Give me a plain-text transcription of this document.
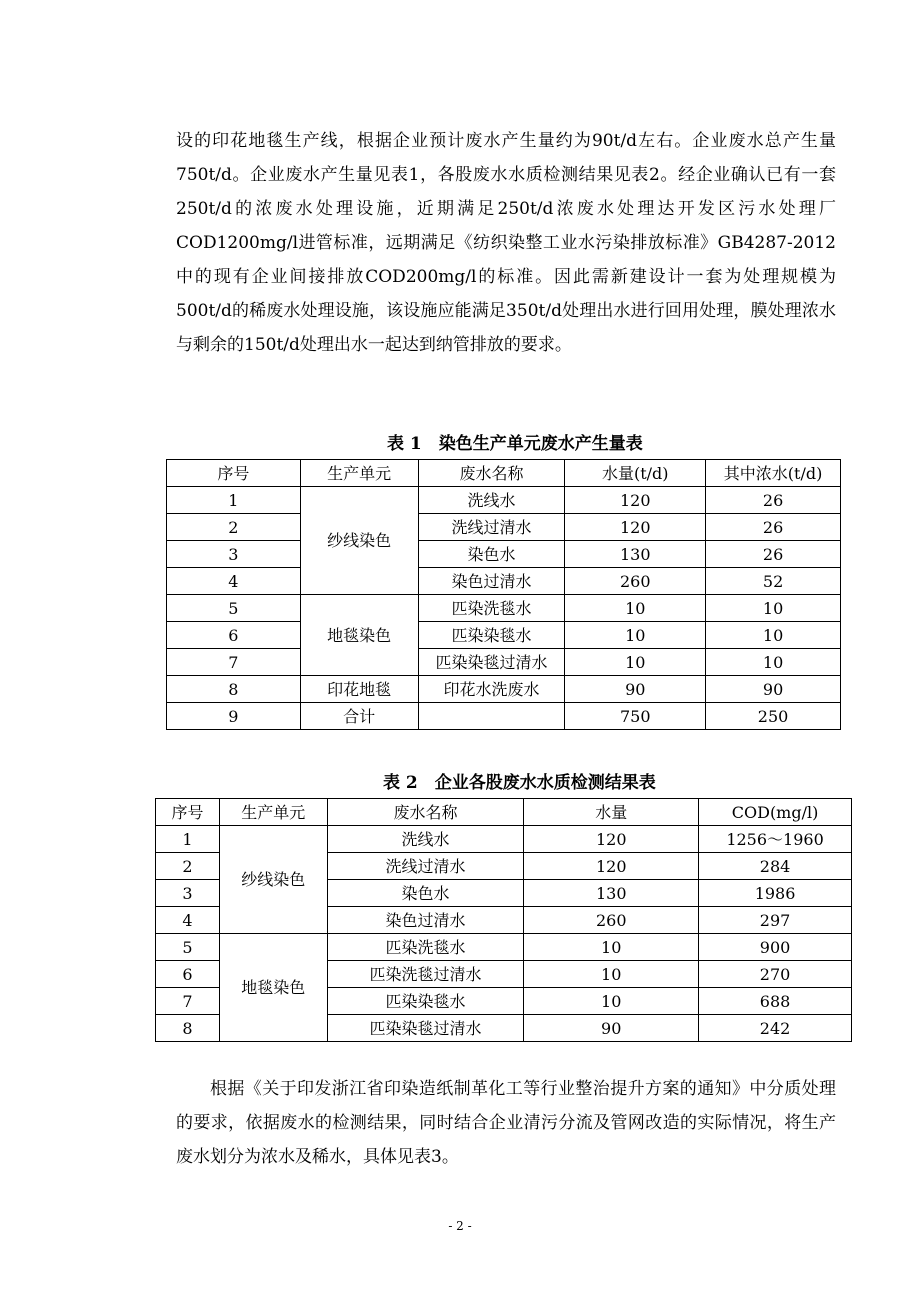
设的印花地毯生产线，根据企业预计废水产生量约为90t/d左右。企业废水总产生量750t/d。企业废水产生量见表1，各股废水水质检测结果见表2。经企业确认已有一套250t/d的浓废水处理设施，近期满足250t/d浓废水处理达开发区污水处理厂COD1200mg/l进管标准，远期满足《纺织染整工业水污染排放标准》GB4287-2012中的现有企业间接排放COD200mg/l的标准。因此需新建设计一套为处理规模为500t/d的稀废水处理设施，该设施应能满足350t/d处理出水进行回用处理，膜处理浓水与剩余的150t/d处理出水一起达到纳管排放的要求。

表 1　染色生产单元废水产生量表

序号	生产单元	废水名称	水量(t/d)	其中浓水(t/d)
1	纱线染色	洗线水	120	26
2		洗线过清水	120	26
3		染色水	130	26
4		染色过清水	260	52
5	地毯染色	匹染洗毯水	10	10
6		匹染染毯水	10	10
7		匹染染毯过清水	10	10
8	印花地毯	印花水洗废水	90	90
9	合计		750	250

表 2　企业各股废水水质检测结果表

序号	生产单元	废水名称	水量	COD(mg/l)
1	纱线染色	洗线水	120	1256～1960
2		洗线过清水	120	284
3		染色水	130	1986
4		染色过清水	260	297
5	地毯染色	匹染洗毯水	10	900
6		匹染洗毯过清水	10	270
7		匹染染毯水	10	688
8		匹染染毯过清水	90	242

根据《关于印发浙江省印染造纸制革化工等行业整治提升方案的通知》中分质处理的要求，依据废水的检测结果，同时结合企业清污分流及管网改造的实际情况，将生产废水划分为浓水及稀水，具体见表3。

- 2 -
